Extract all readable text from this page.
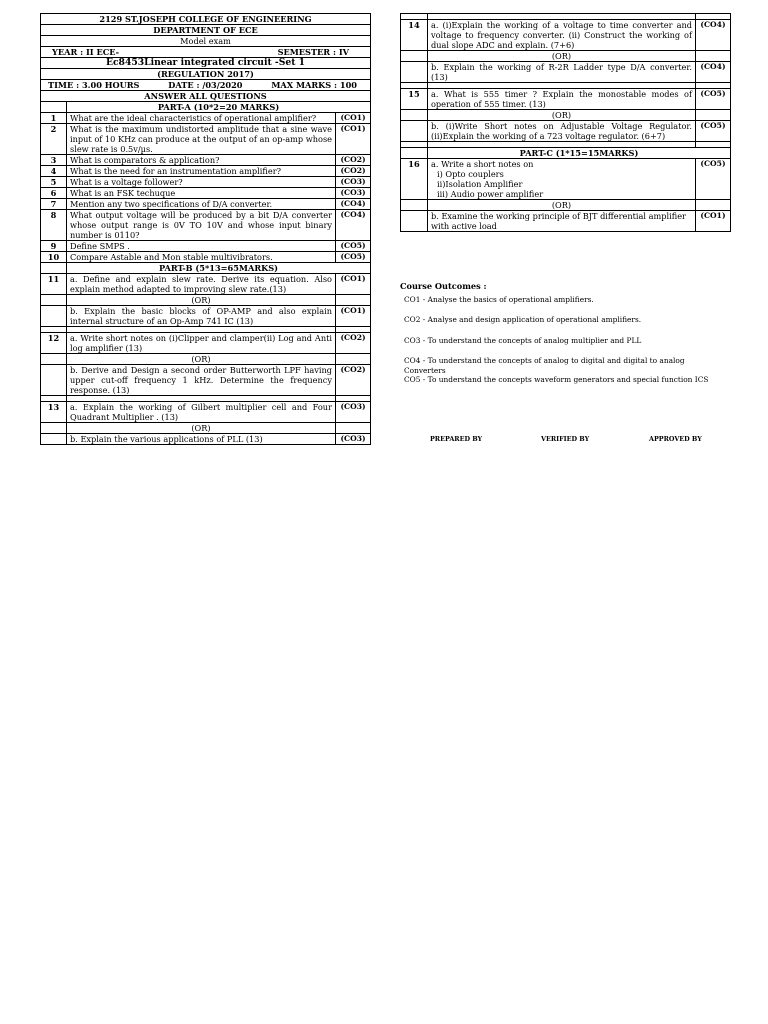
2129 ST.JOSEPH COLLEGE OF ENGINEERING		
DEPARTMENT OF ECE		
Model exam		

YEAR : II ECE- SEMESTER : IV		

Ec8453Linear integrated circuit -Set 1		
(REGULATION 2017)		

TIME : 3.00 HOURS DATE : /03/2020 MAX MARKS : 100		

ANSWER ALL QUESTIONS		
	PART-A (10*2=20 MARKS)	
1	What are the ideal characteristics of operational amplifier?	(CO1)
2	What is the maximum undistorted amplitude that a sine wave input of 10 KHz can produce at the output of an op-amp whose slew rate is 0.5v/µs.	(CO1)
3	What is comparators & application?	(CO2)
4	What is the need for an instrumentation amplifier?	(CO2)
5	What is a voltage follower?	(CO3)
6	What is an FSK techuque	(CO3)
7	Mention any two specifications of D/A converter.	(CO4)
8	What output voltage will be produced by a bit D/A converter whose output range is 0V TO 10V and whose input binary number is 0110?	(CO4)
9	Define SMPS .	(CO5)
10	Compare Astable and Mon stable multivibrators.	(CO5)
	PART-B (5*13=65MARKS)	
11	a. Define and explain slew rate. Derive its equation. Also explain method adapted to improving slew rate.(13)	(CO1)
	(OR)	
	b. Explain the basic blocks of OP-AMP and also explain internal structure of an Op-Amp 741 IC (13)	(CO1)

12	a. Write short notes on (i)Clipper and clamper(ii) Log and Anti log amplifier (13)	(CO2)
	(OR)	
	b. Derive and Design a second order Butterworth LPF having upper cut-off frequency 1 kHz. Determine the frequency response. (13)	(CO2)

13	a. Explain the working of Gilbert multiplier cell and Four Quadrant Multiplier . (13)	(CO3)
	(OR)	
	b. Explain the various applications of PLL (13)	(CO3)

14	a. (i)Explain the working of a voltage to time converter and voltage to frequency converter. (ii) Construct the working of dual slope ADC and explain. (7+6)	(CO4)
	(OR)	
	b. Explain the working of R-2R Ladder type D/A converter. (13)	(CO4)

15	a. What is 555 timer ? Explain the monostable modes of operation of 555 timer. (13)	(CO5)
	(OR)	
	b. (i)Write Short notes on Adjustable Voltage Regulator. (ii)Explain the working of a 723 voltage regulator. (6+7)	(CO5)

	PART-C (1*15=15MARKS)	
16	a. Write a short notes on
i) Opto couplers
ii)Isolation Amplifier
iii) Audio power amplifier	(CO5)
	(OR)	
	b. Examine the working principle of BJT differential amplifier with active load	(CO1)
Course Outcomes :

CO1 - Analyse the basics of operational amplifiers.

CO2 - Analyse and design application of operational amplifiers.

CO3 - To understand the concepts of analog multiplier and PLL

CO4 - To understand the concepts of analog to digital and digital to analog Converters

CO5 - To understand the concepts waveform generators and special function ICS

PREPARED BY	VERIFIED BY	APPROVED BY
